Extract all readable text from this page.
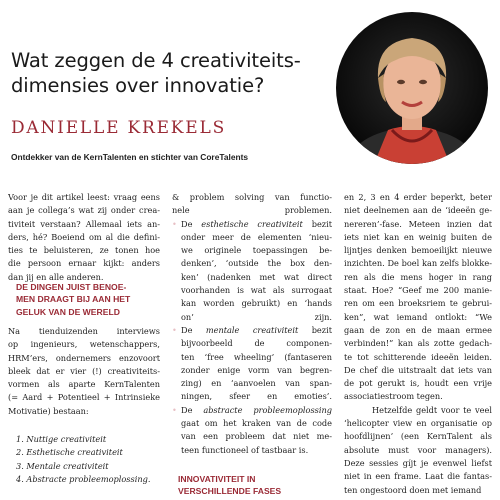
Wat zeggen de 4 creativiteits-
dimensies over innovatie?
DANIELLE KREKELS
Ontdekker van de KernTalenten en stichter van CoreTalents

Voor je dit artikel leest: vraag eens
aan je collega’s wat zij onder crea-
tiviteit verstaan? Allemaal iets an-
ders, hé? Boeiend om al die defini-
ties te beluisteren, ze tonen hoe
die persoon ernaar kijkt: anders
dan jij en alle anderen.

DE DINGEN JUIST BENOE-
MEN DRAAGT BIJ AAN HET
GELUK VAN DE WERELD
Na tienduizenden interviews
op ingenieurs, wetenschappers,
HRM’ers, ondernemers enzovoort
bleek dat er vier (!) creativiteits-
vormen als aparte KernTalenten
(= Aard + Potentieel + Intrinsieke
Motivatie) bestaan:
1. Nuttige creativiteit
2. Esthetische creativiteit
3. Mentale creativiteit
4. Abstracte probleemoplossing.
& problem solving van functio-
nele problemen.
• De esthetische creativiteit bezit
onder meer de elementen ‘nieu-
we originele toepassingen be-
denken’, ‘outside the box den-
ken’ (nadenken met wat direct
voorhanden is wat als surrogaat
kan worden gebruikt) en ‘hands
on’ zijn.
• De mentale creativiteit bezit
bijvoorbeeld de componen-
ten ‘free wheeling’ (fantaseren
zonder enige vorm van begren-
zing) en ‘aanvoelen van span-
ningen, sfeer en emoties’.
• De abstracte probleemoplossing
gaat om het kraken van de code
van een probleem dat niet me-
teen functioneel of tastbaar is.
INNOVATIVITEIT IN
VERSCHILLENDE FASES
en 2, 3 en 4 erder beperkt, beter
niet deelnemen aan de ‘ideeën ge-
nereren’-fase. Meteen inzien dat
iets niet kan en weinig buiten de
lijntjes denken bemoeilijkt nieuwe
inzichten. De boel kan zelfs blokke-
ren als die mens hoger in rang
staat. Hoe? “Geef me 200 manie-
ren om een broeksriem te gebrui-
ken”, wat iemand ontlokt: “We
gaan de zon en de maan ermee
verbinden!” kan als zotte gedach-
te tot schitterende ideeën leiden.
De chef die uitstraalt dat iets van
de pot gerukt is, houdt een vrije
associatiestroom tegen.
Hetzelfde geldt voor te veel
‘helicopter view en organisatie op
hoofdlijnen’ (een KernTalent als
absolute must voor managers).
Deze sessies gíjt je evenwel liefst
niet in een frame. Laat die fantas-
ten ongestoord doen met iemand
